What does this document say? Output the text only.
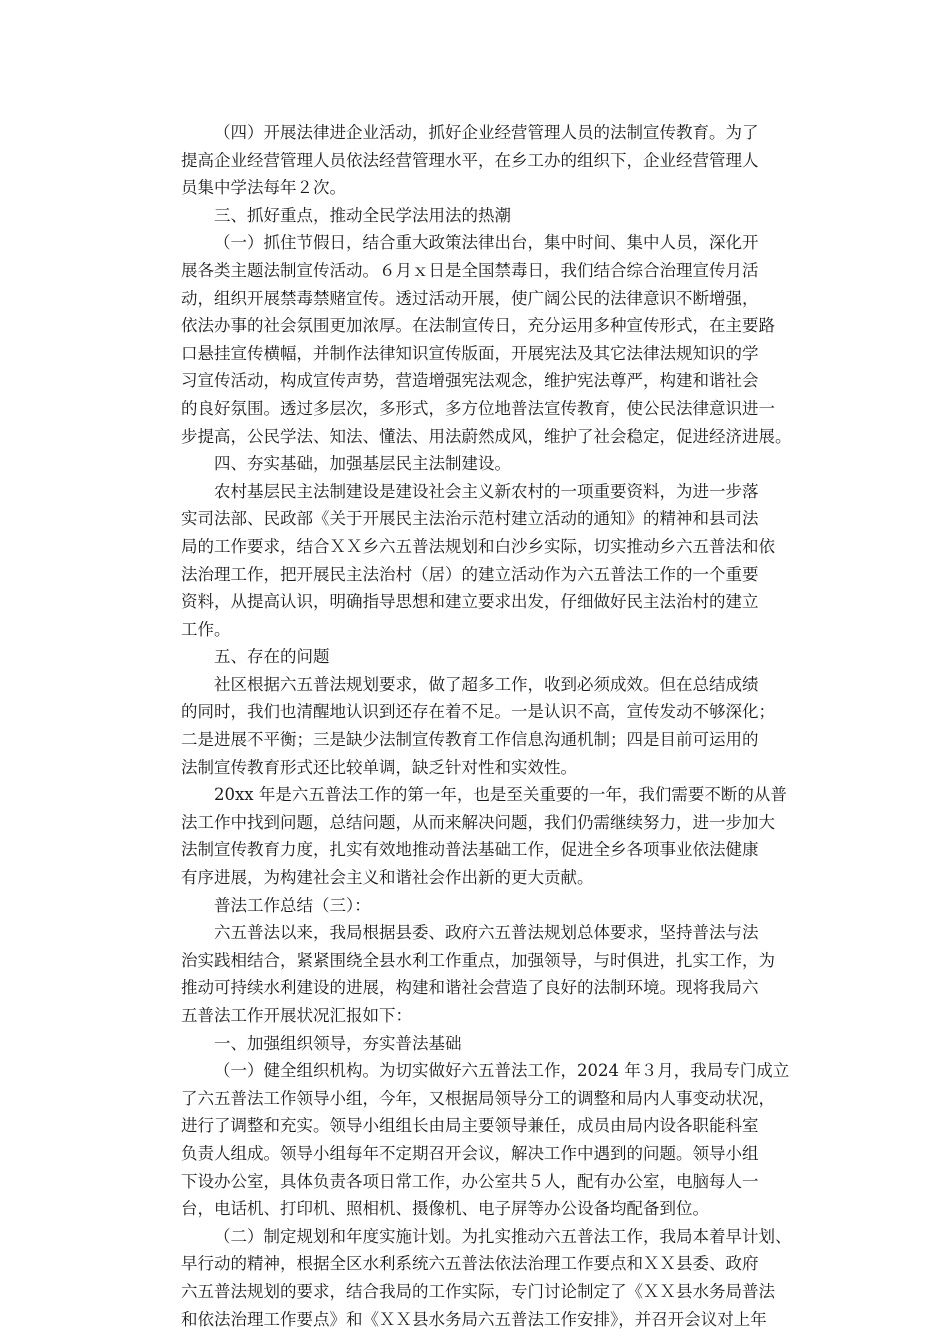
（四）开展法律进企业活动，抓好企业经营管理人员的法制宣传教育。为了
提高企业经营管理人员依法经营管理水平，在乡工办的组织下，企业经营管理人
员集中学法每年２次。
三、抓好重点，推动全民学法用法的热潮
（一）抓住节假日，结合重大政策法律出台，集中时间、集中人员，深化开
展各类主题法制宣传活动。６月ｘ日是全国禁毒日，我们结合综合治理宣传月活
动，组织开展禁毒禁赌宣传。透过活动开展，使广阔公民的法律意识不断增强，
依法办事的社会氛围更加浓厚。在法制宣传日，充分运用多种宣传形式，在主要路
口悬挂宣传横幅，并制作法律知识宣传版面，开展宪法及其它法律法规知识的学
习宣传活动，构成宣传声势，营造增强宪法观念，维护宪法尊严，构建和谐社会
的良好氛围。透过多层次，多形式，多方位地普法宣传教育，使公民法律意识进一
步提高，公民学法、知法、懂法、用法蔚然成风，维护了社会稳定，促进经济进展。
四、夯实基础，加强基层民主法制建设。
农村基层民主法制建设是建设社会主义新农村的一项重要资料，为进一步落
实司法部、民政部《关于开展民主法治示范村建立活动的通知》的精神和县司法
局的工作要求，结合ＸＸ乡六五普法规划和白沙乡实际，切实推动乡六五普法和依
法治理工作，把开展民主法治村（居）的建立活动作为六五普法工作的一个重要
资料，从提高认识，明确指导思想和建立要求出发，仔细做好民主法治村的建立
工作。
五、存在的问题
社区根据六五普法规划要求，做了超多工作，收到必须成效。但在总结成绩
的同时，我们也清醒地认识到还存在着不足。一是认识不高，宣传发动不够深化；
二是进展不平衡；三是缺少法制宣传教育工作信息沟通机制；四是目前可运用的
法制宣传教育形式还比较单调，缺乏针对性和实效性。
20xx 年是六五普法工作的第一年，也是至关重要的一年，我们需要不断的从普
法工作中找到问题，总结问题，从而来解决问题，我们仍需继续努力，进一步加大
法制宣传教育力度，扎实有效地推动普法基础工作，促进全乡各项事业依法健康
有序进展，为构建社会主义和谐社会作出新的更大贡献。
普法工作总结（三）：
六五普法以来，我局根据县委、政府六五普法规划总体要求，坚持普法与法
治实践相结合，紧紧围绕全县水利工作重点，加强领导，与时俱进，扎实工作，为
推动可持续水利建设的进展，构建和谐社会营造了良好的法制环境。现将我局六
五普法工作开展状况汇报如下：
一、加强组织领导，夯实普法基础
（一）健全组织机构。为切实做好六五普法工作，2024 年３月，我局专门成立
了六五普法工作领导小组，今年，又根据局领导分工的调整和局内人事变动状况，
进行了调整和充实。领导小组组长由局主要领导兼任，成员由局内设各职能科室
负责人组成。领导小组每年不定期召开会议，解决工作中遇到的问题。领导小组
下设办公室，具体负责各项日常工作，办公室共５人，配有办公室，电脑每人一
台，电话机、打印机、照相机、摄像机、电子屏等办公设备均配备到位。
（二）制定规划和年度实施计划。为扎实推动六五普法工作，我局本着早计划、
早行动的精神，根据全区水利系统六五普法依法治理工作要点和ＸＸ县委、政府
六五普法规划的要求，结合我局的工作实际，专门讨论制定了《ＸＸ县水务局普法
和依法治理工作要点》和《ＸＸ县水务局六五普法工作安排》，并召开会议对上年
